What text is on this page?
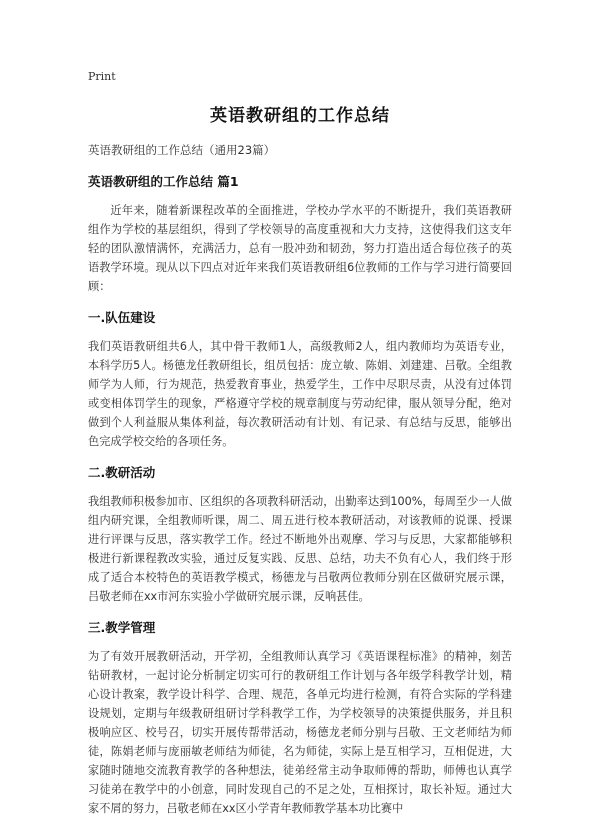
Print
英语教研组的工作总结
英语教研组的工作总结（通用23篇）
英语教研组的工作总结 篇1

近年来，随着新课程改革的全面推进，学校办学水平的不断提升，我们英语教研组作为学校的基层组织，得到了学校领导的高度重视和大力支持，这使得我们这支年轻的团队激情满怀，充满活力，总有一股冲劲和韧劲，努力打造出适合每位孩子的英语教学环境。现从以下四点对近年来我们英语教研组6位教师的工作与学习进行简要回顾：

一.队伍建设

我们英语教研组共6人，其中骨干教师1人，高级教师2人，组内教师均为英语专业，本科学历5人。杨德龙任教研组长，组员包括：庞立敏、陈娟、刘建建、吕敬。全组教师学为人师，行为规范，热爱教育事业，热爱学生，工作中尽职尽责，从没有过体罚或变相体罚学生的现象，严格遵守学校的规章制度与劳动纪律，服从领导分配，绝对做到个人利益服从集体利益，每次教研活动有计划、有记录、有总结与反思，能够出色完成学校交给的各项任务。

二.教研活动

我组教师积极参加市、区组织的各项教科研活动，出勤率达到100%，每周至少一人做组内研究课，全组教师听课，周二、周五进行校本教研活动，对该教师的说课、授课进行评课与反思，落实教学工作。经过不断地外出观摩、学习与反思，大家都能够积极进行新课程教改实验，通过反复实践、反思、总结，功夫不负有心人，我们终于形成了适合本校特色的英语教学模式，杨德龙与吕敬两位教师分别在区做研究展示课，吕敬老师在xx市河东实验小学做研究展示课，反响甚佳。

三.教学管理

为了有效开展教研活动，开学初，全组教师认真学习《英语课程标准》的精神，刻苦钻研教材，一起讨论分析制定切实可行的教研组工作计划与各年级学科教学计划，精心设计教案，教学设计科学、合理、规范，各单元均进行检测，有符合实际的学科建设规划，定期与年级教研组研讨学科教学工作，为学校领导的决策提供服务，并且积极响应区、校号召，切实开展传帮带活动，杨德龙老师分别与吕敬、王文老师结为师徒，陈娟老师与庞丽敏老师结为师徒，名为师徒，实际上是互相学习，互相促进，大家随时随地交流教育教学的各种想法，徒弟经常主动争取师傅的帮助，师傅也认真学习徒弟在教学中的小创意，同时发现自己的不足之处，互相探讨，取长补短。通过大家不屑的努力，吕敬老师在xx区小学青年教师教学基本功比赛中
